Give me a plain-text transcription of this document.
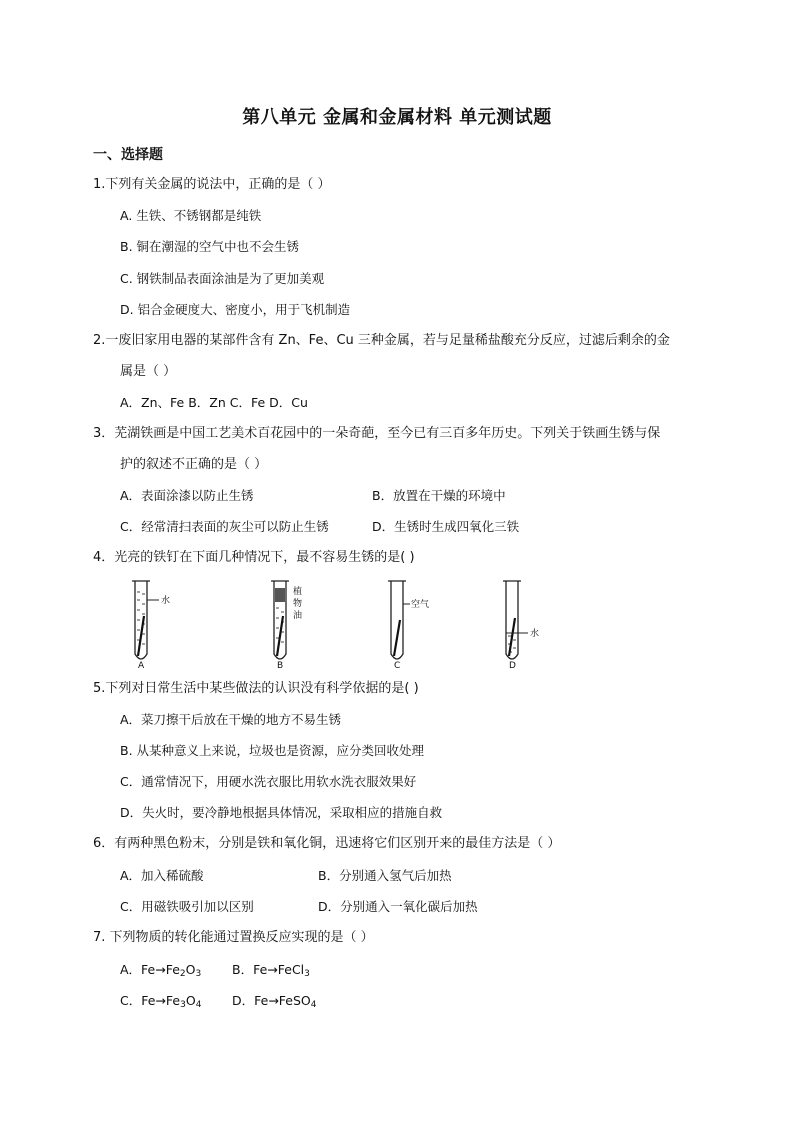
第八单元 金属和金属材料 单元测试题
一、选择题
1.下列有关金属的说法中，正确的是（ ）
A. 生铁、不锈钢都是纯铁
B. 铜在潮湿的空气中也不会生锈
C. 钢铁制品表面涂油是为了更加美观
D. 铝合金硬度大、密度小，用于飞机制造
2.一废旧家用电器的某部件含有 Zn、Fe、Cu 三种金属，若与足量稀盐酸充分反应，过滤后剩余的金
属是（ ）
A．Zn、Fe B．Zn C．Fe D．Cu
3．芜湖铁画是中国工艺美术百花园中的一朵奇葩，至今已有三百多年历史。下列关于铁画生锈与保
护的叙述不正确的是（ ）
A．表面涂漆以防止生锈	B．放置在干燥的环境中
C．经常清扫表面的灰尘可以防止生锈	D．生锈时生成四氧化三铁
4．光亮的铁钉在下面几种情况下，最不容易生锈的是( )
水
A
植
物
油
B
空气
C
水
D
5.下列对日常生活中某些做法的认识没有科学依据的是( )
A．菜刀擦干后放在干燥的地方不易生锈
B. 从某种意义上来说，垃圾也是资源，应分类回收处理
C．通常情况下，用硬水洗衣服比用软水洗衣服效果好
D．失火时，要冷静地根据具体情况，采取相应的措施自救
6．有两种黑色粉末，分别是铁和氧化铜，迅速将它们区别开来的最佳方法是（ ）
A．加入稀硫酸	B．分别通入氢气后加热
C．用磁铁吸引加以区别	D．分别通入一氧化碳后加热
7. 下列物质的转化能通过置换反应实现的是（ ）
A．$Fe\to Fe_2O_3$ B．Fe→FeCl$_3$
C．$Fe\to Fe_3O_4$ D．Fe→FeSO$_4$
